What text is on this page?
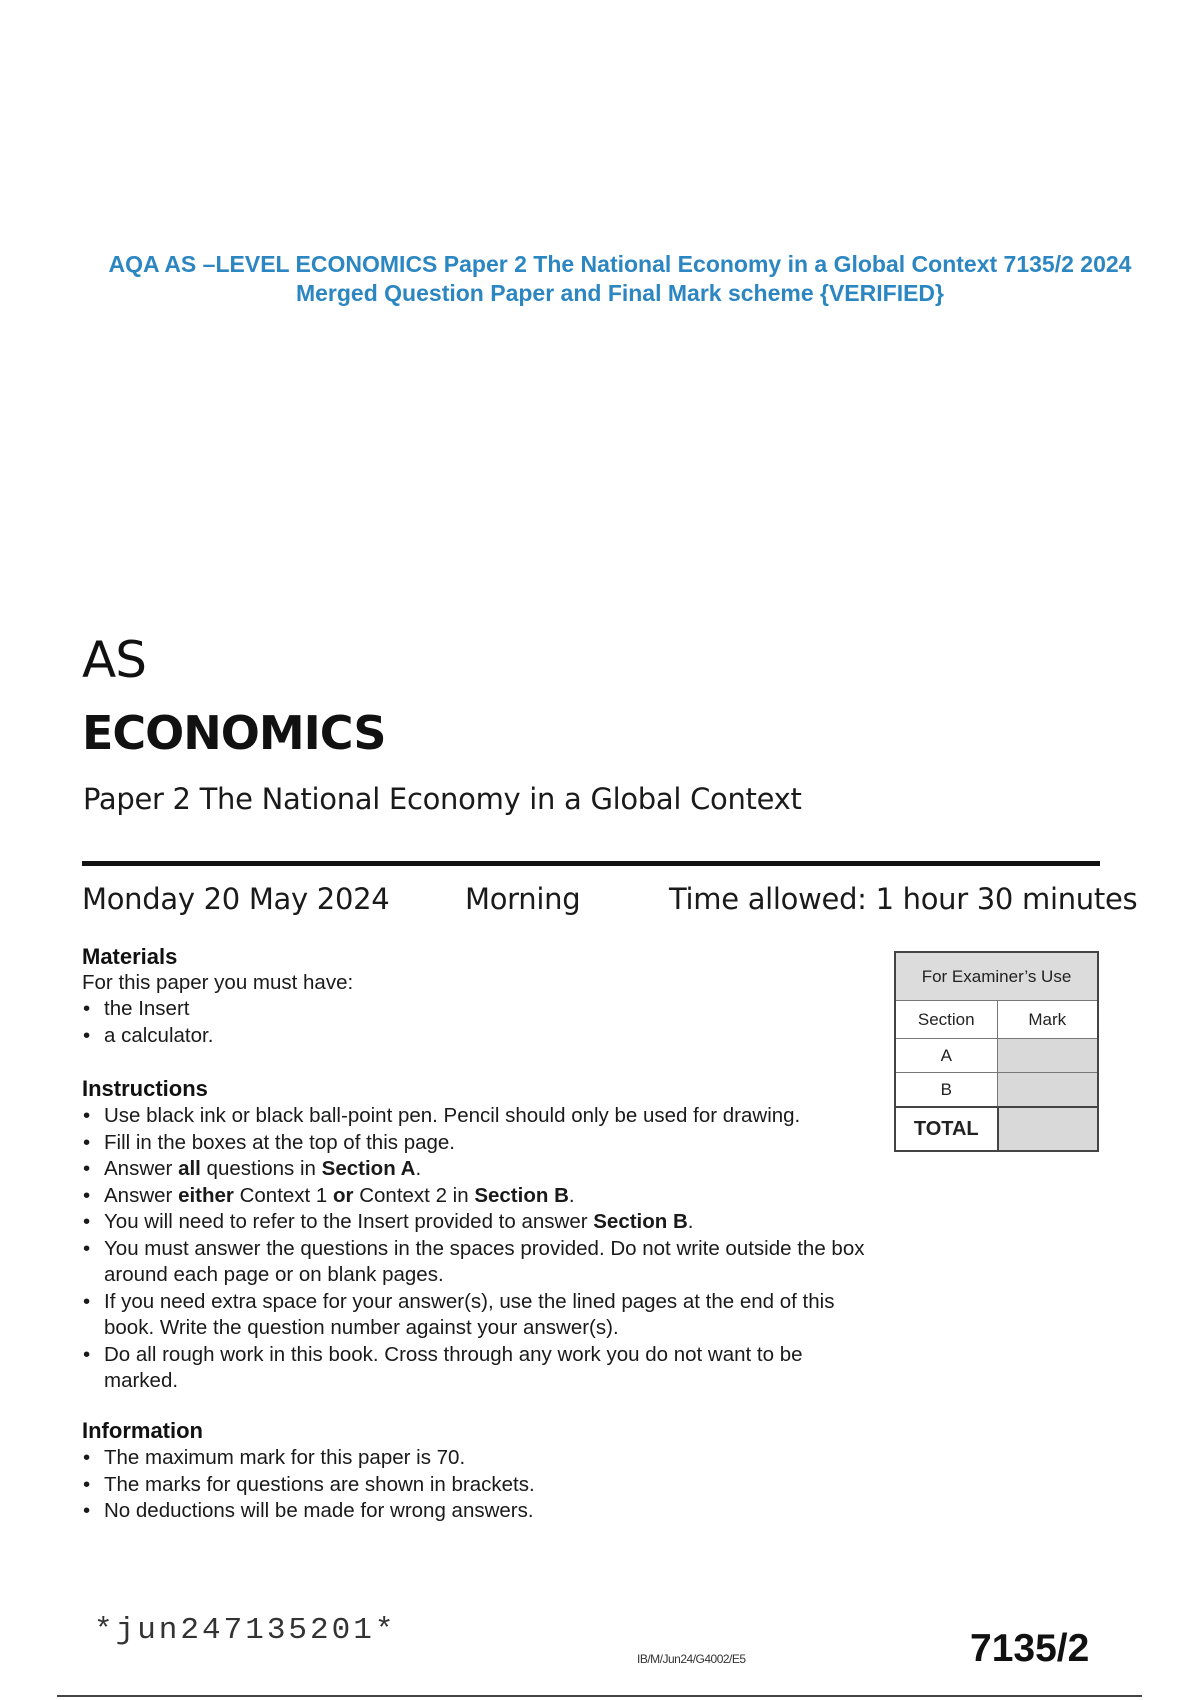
AQA AS –LEVEL ECONOMICS Paper 2 The National Economy in a Global Context 7135/2 2024
Merged Question Paper and Final Mark scheme {VERIFIED}
AS
ECONOMICS
Paper 2 The National Economy in a Global Context
Monday 20 May 2024	Morning	Time allowed: 1 hour 30 minutes
Materials
For this paper you must have:
• the Insert
• a calculator.
Instructions
• Use black ink or black ball-point pen. Pencil should only be used for drawing.
• Fill in the boxes at the top of this page.
• Answer all questions in Section A.
• Answer either Context 1 or Context 2 in Section B.
• You will need to refer to the Insert provided to answer Section B.
• You must answer the questions in the spaces provided. Do not write outside the box around each page or on blank pages.
• If you need extra space for your answer(s), use the lined pages at the end of this book. Write the question number against your answer(s).
• Do all rough work in this book. Cross through any work you do not want to be marked.
Information
• The maximum mark for this paper is 70.
• The marks for questions are shown in brackets.
• No deductions will be made for wrong answers.
For Examiner’s Use
Section	Mark
A
B
TOTAL
*jun247135201*
IB/M/Jun24/G4002/E5	7135/2
